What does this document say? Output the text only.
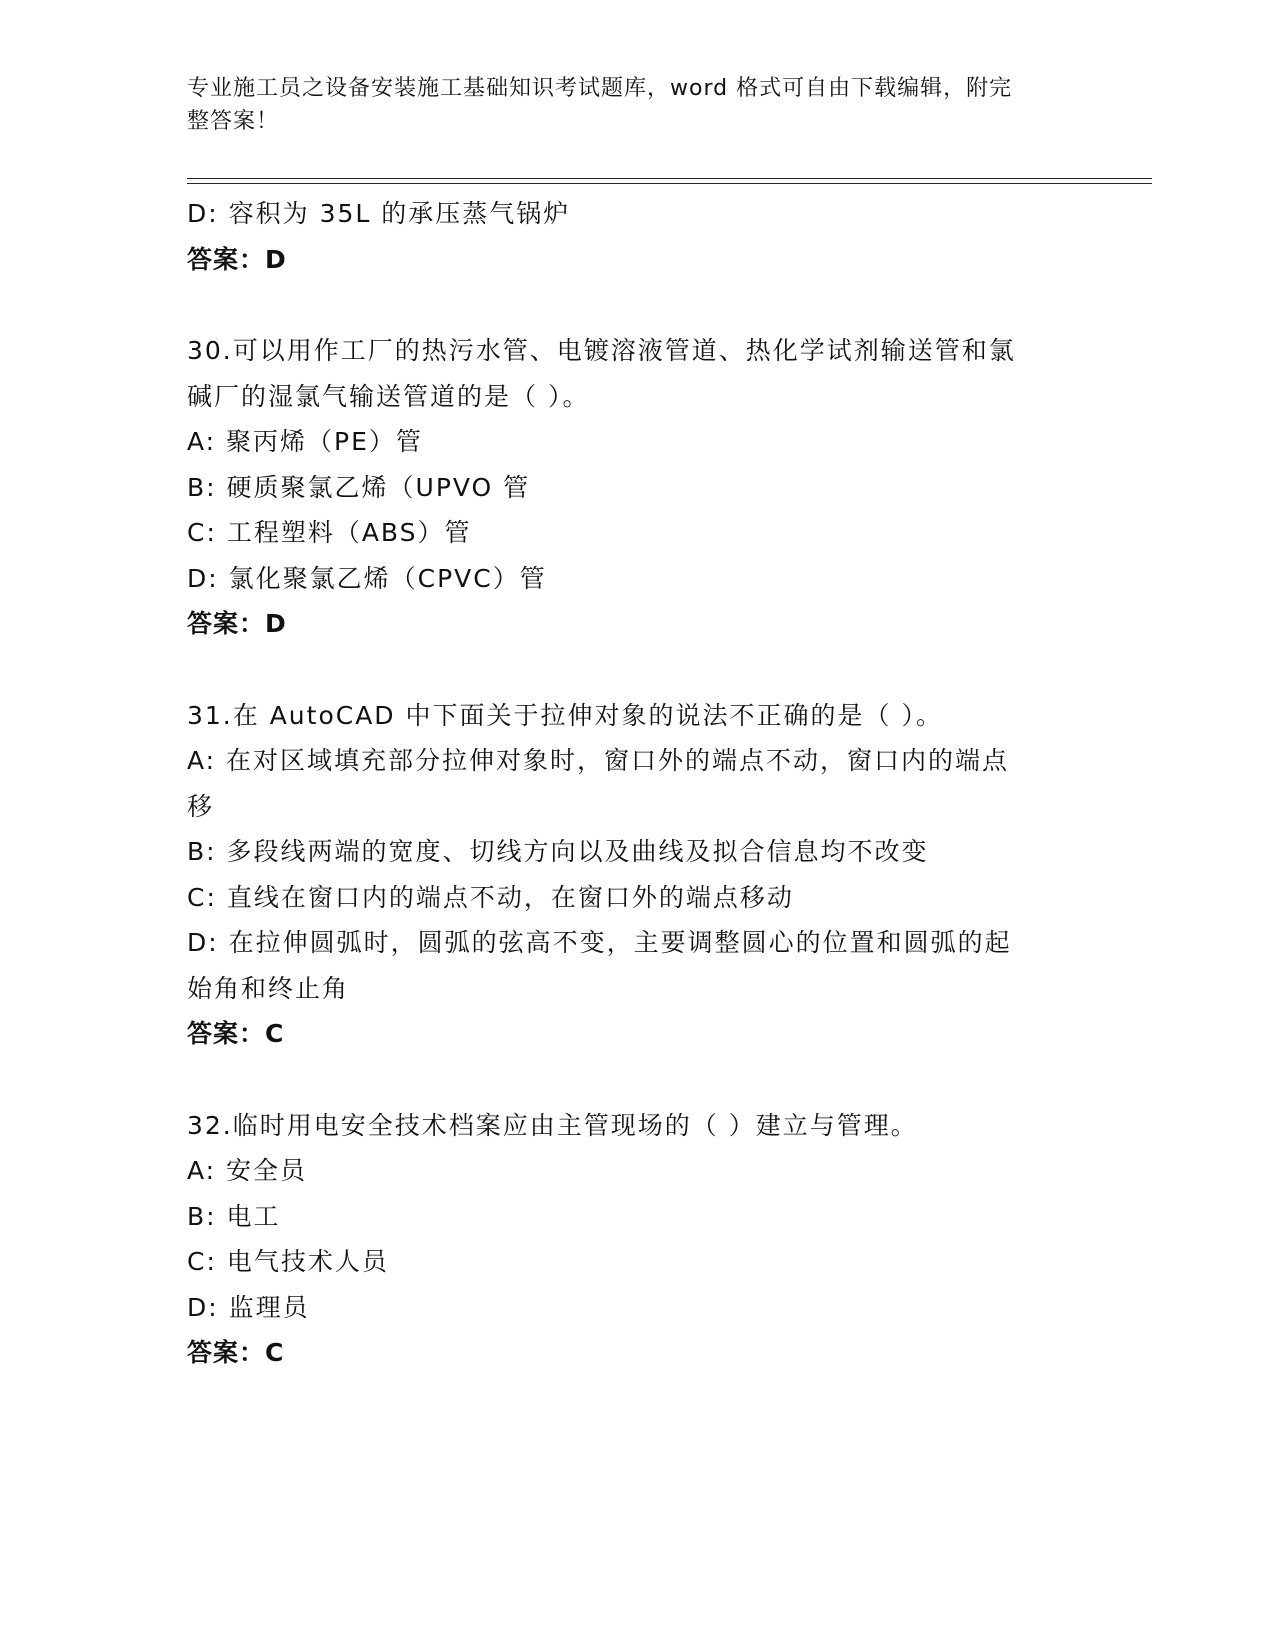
专业施工员之设备安装施工基础知识考试题库，word 格式可自由下载编辑，附完
整答案！
D: 容积为 35L 的承压蒸气锅炉
答案：D
30.可以用作工厂的热污水管、电镀溶液管道、热化学试剂输送管和氯
碱厂的湿氯气输送管道的是（ ）。
A: 聚丙烯（PE）管
B: 硬质聚氯乙烯（UPVO 管
C: 工程塑料（ABS）管
D: 氯化聚氯乙烯（CPVC）管
答案：D
31.在 AutoCAD 中下面关于拉伸对象的说法不正确的是（ ）。
A: 在对区域填充部分拉伸对象时，窗口外的端点不动，窗口内的端点
移
B: 多段线两端的宽度、切线方向以及曲线及拟合信息均不改变
C: 直线在窗口内的端点不动，在窗口外的端点移动
D: 在拉伸圆弧时，圆弧的弦高不变，主要调整圆心的位置和圆弧的起
始角和终止角
答案：C
32.临时用电安全技术档案应由主管现场的（ ）建立与管理。
A: 安全员
B: 电工
C: 电气技术人员
D: 监理员
答案：C
